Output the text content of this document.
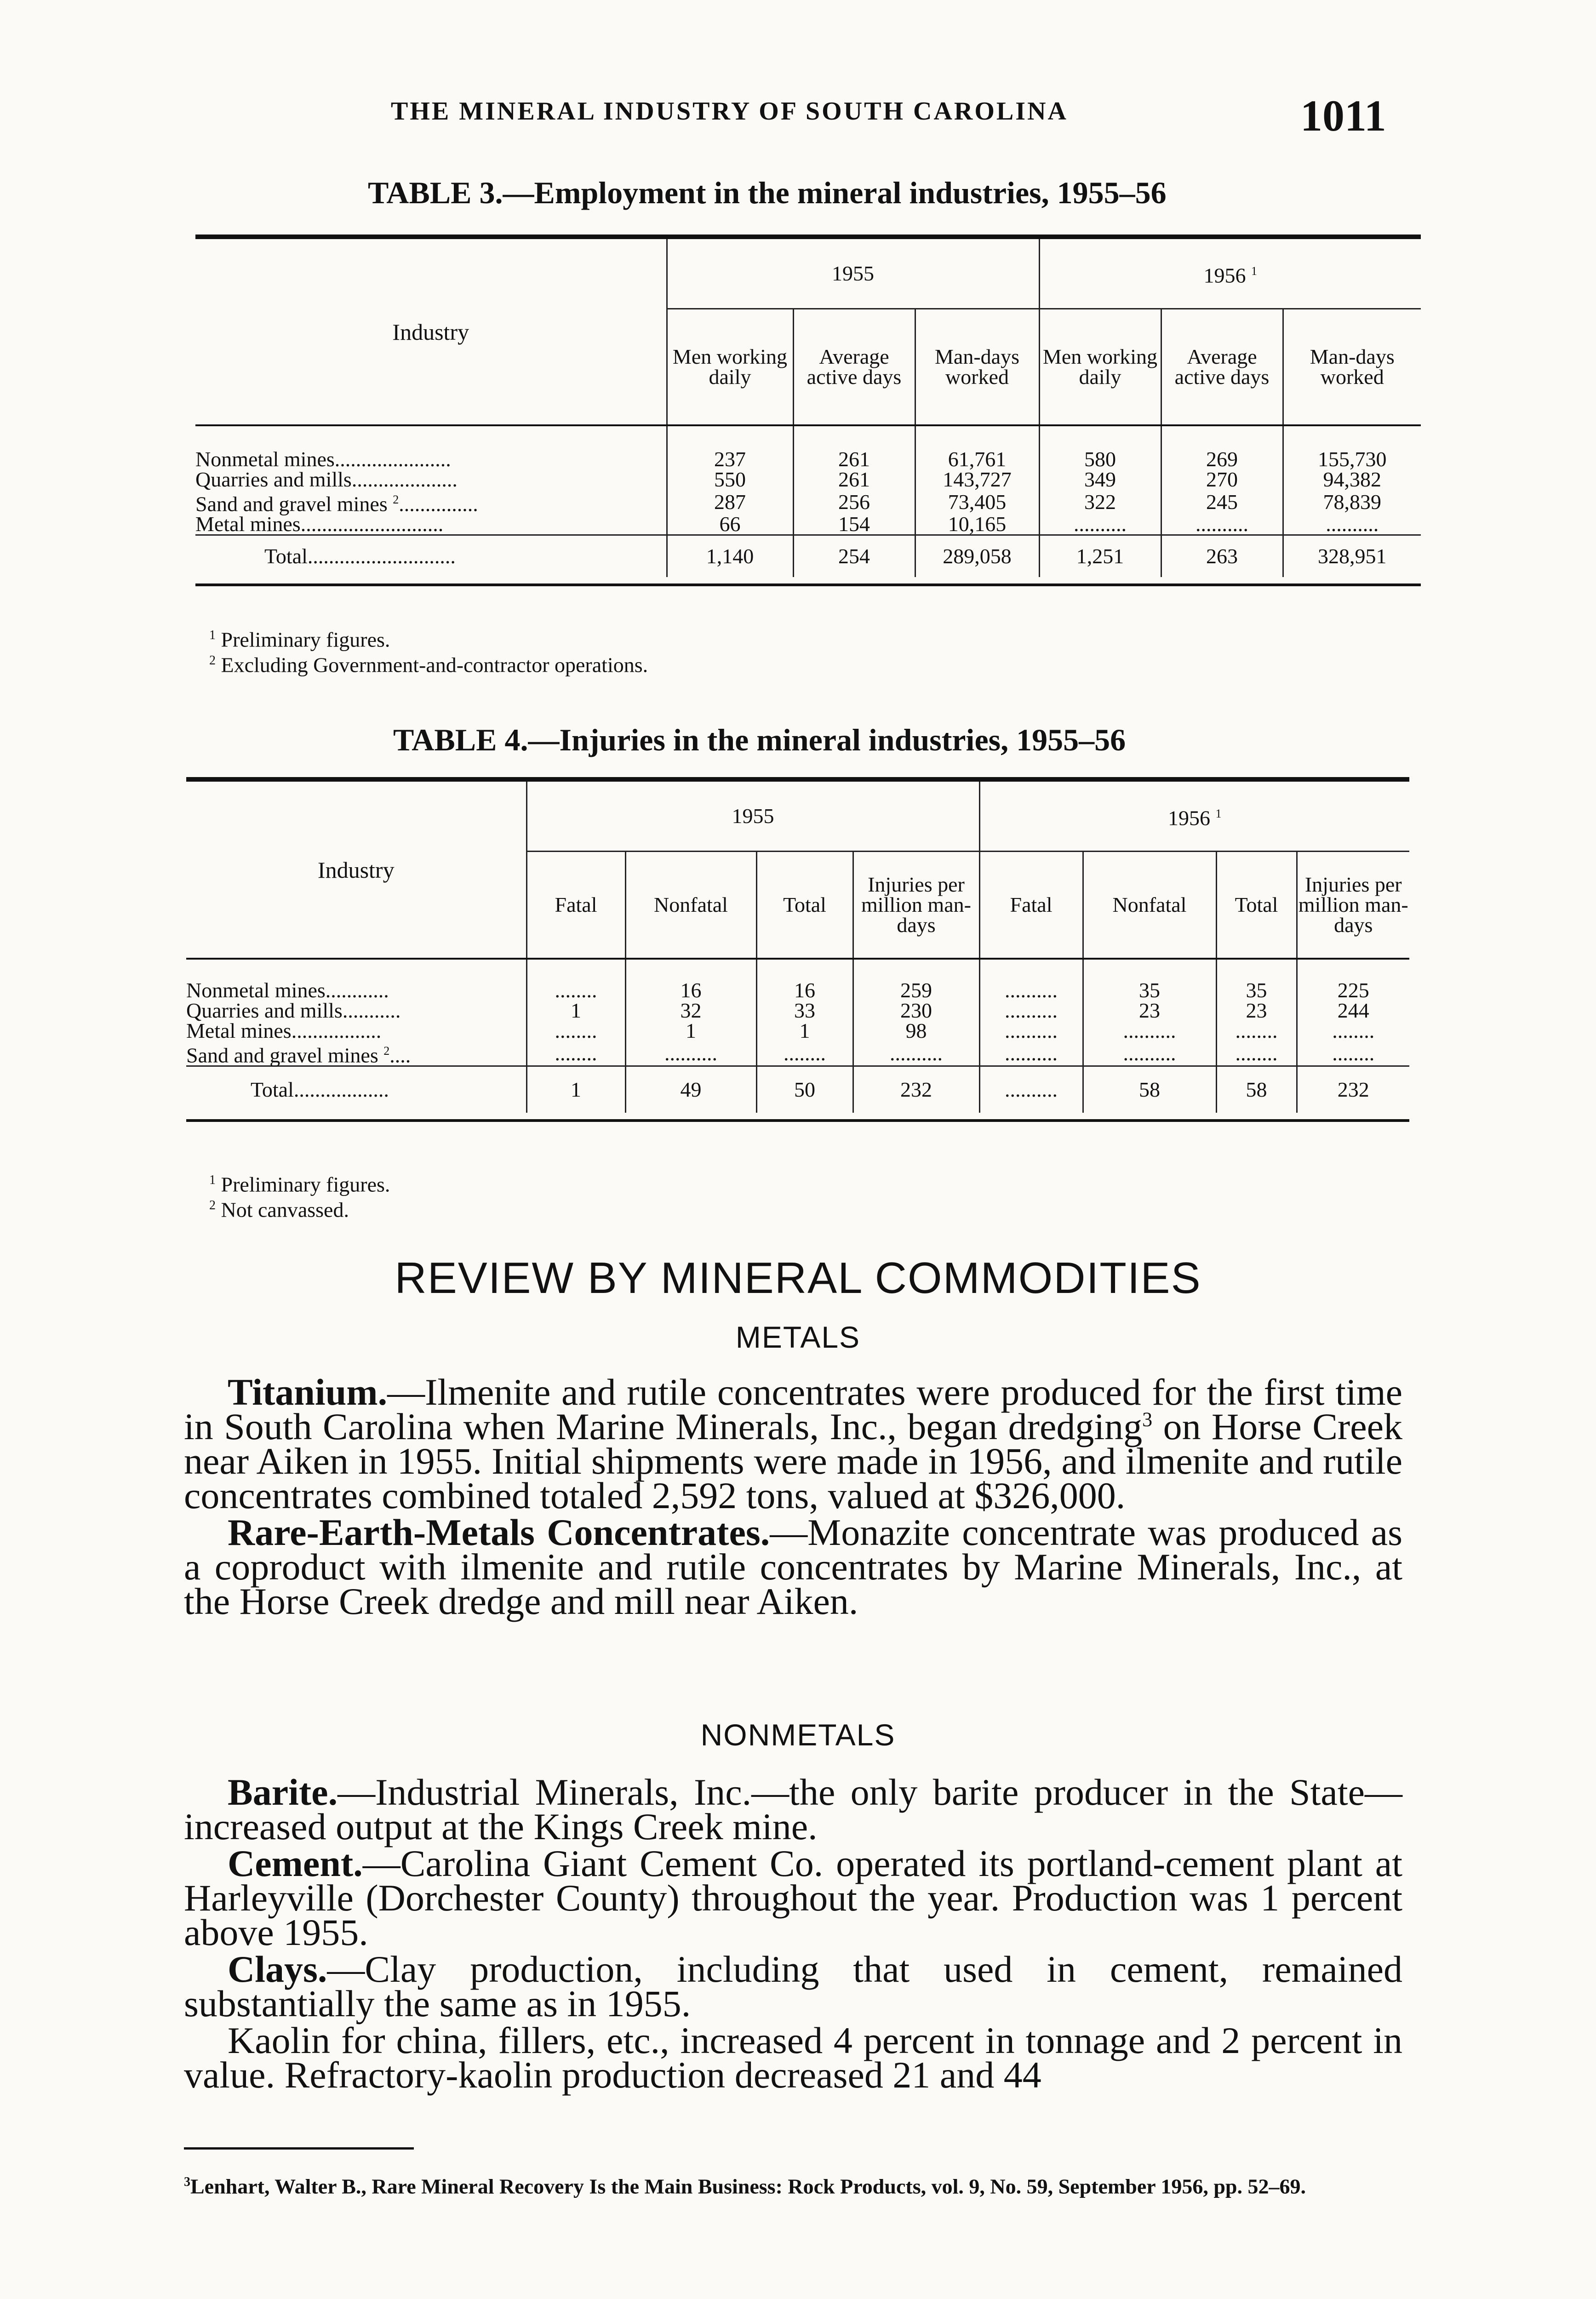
THE MINERAL INDUSTRY OF SOUTH CAROLINA	1011
TABLE 3.—Employment in the mineral industries, 1955–56
Industry	1955			1956 $^1$
	Men working daily	Average active days	Man-days worked	Men working daily	Average active days	Man-days worked

Nonmetal mines......................	237	261	61,761	580	269	155,730
Quarries and mills....................	550	261	143,727	349	270	94,382
Sand and gravel mines $^2$...............	287	256	73,405	322	245	78,839
Metal mines...........................	66	154	10,165	..........	..........	..........
Total............................	1,140	254	289,058	1,251	263	328,951

$^1$ Preliminary figures.
$^2$ Excluding Government-and-contractor operations.
TABLE 4.—Injuries in the mineral industries, 1955–56
Industry	1955				1956 $^1$
	Fatal	Nonfatal	Total	Injuries per million man-days	Fatal	Nonfatal	Total	Injuries per million man-days

Nonmetal mines............	........	16	16	259	..........	35	35	225
Quarries and mills...........	1	32	33	230	..........	23	23	244
Metal mines.................	........	1	1	98	..........	..........	........	........
Sand and gravel mines $^2$....	........	..........	........	..........	..........	..........	........	........
Total..................	1	49	50	232	..........	58	58	232

$^1$ Preliminary figures.
$^2$ Not canvassed.
REVIEW BY MINERAL COMMODITIES
METALS

Titanium.—Ilmenite and rutile concentrates were produced for the first time in South Carolina when Marine Minerals, Inc., began dredging$^3$ on Horse Creek near Aiken in 1955. Initial shipments were made in 1956, and ilmenite and rutile concentrates combined totaled 2,592 tons, valued at $326,000.

Rare-Earth-Metals Concentrates.—Monazite concentrate was produced as a coproduct with ilmenite and rutile concentrates by Marine Minerals, Inc., at the Horse Creek dredge and mill near Aiken.

NONMETALS

Barite.—Industrial Minerals, Inc.—the only barite producer in the State—increased output at the Kings Creek mine.

Cement.—Carolina Giant Cement Co. operated its portland-cement plant at Harleyville (Dorchester County) throughout the year. Production was 1 percent above 1955.

Clays.—Clay production, including that used in cement, remained substantially the same as in 1955.

Kaolin for china, fillers, etc., increased 4 percent in tonnage and 2 percent in value. Refractory-kaolin production decreased 21 and 44

$^3$Lenhart, Walter B., Rare Mineral Recovery Is the Main Business: Rock Products, vol. 9, No. 59, September 1956, pp. 52–69.
